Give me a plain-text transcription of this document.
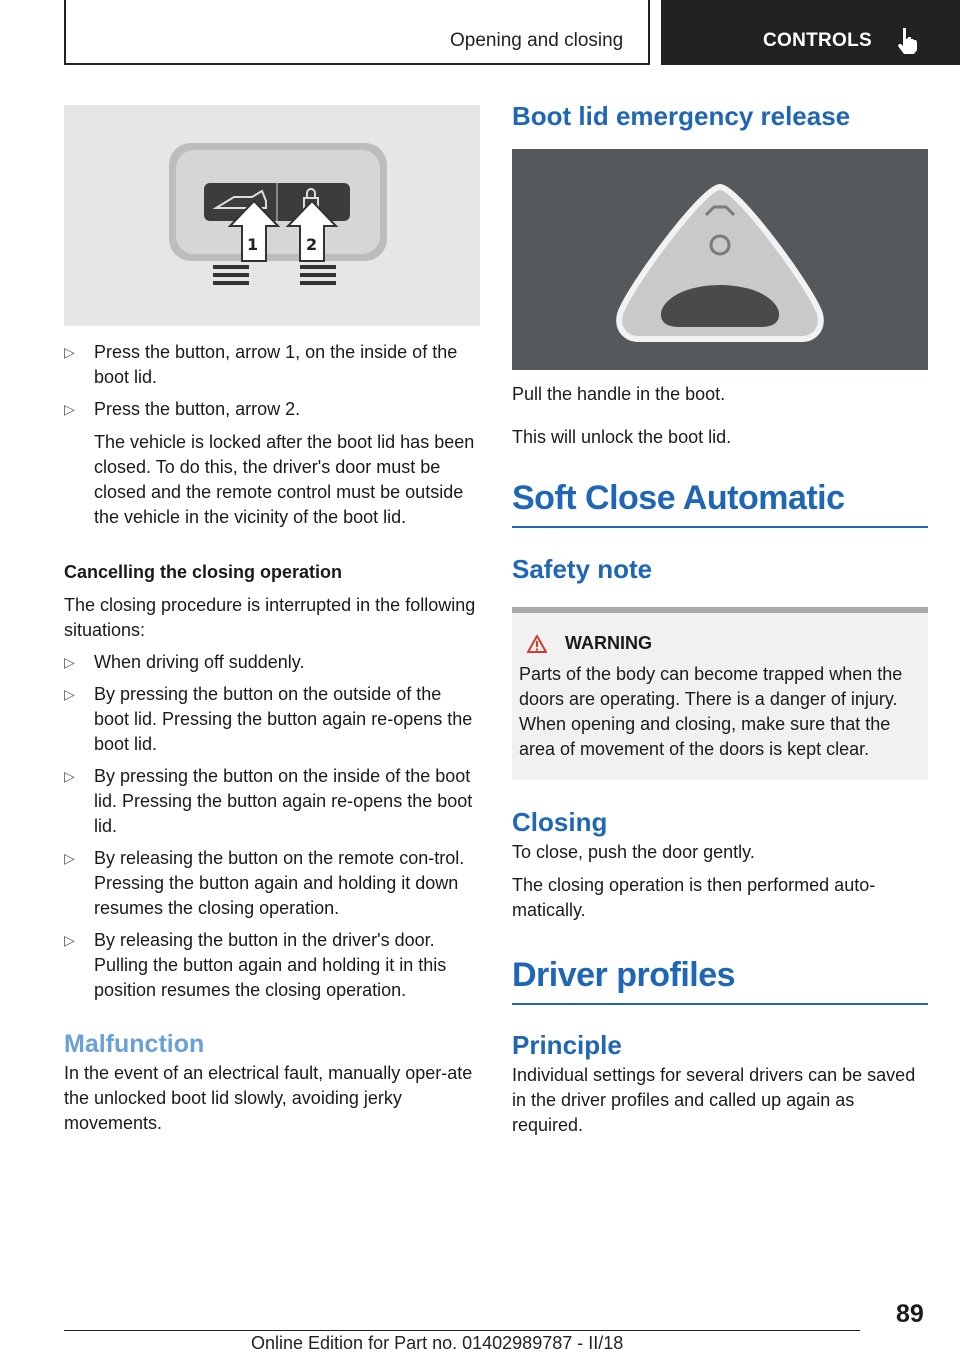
Opening and closing	CONTROLS
1	2
▷ Press the button, arrow 1, on the inside of the boot lid.
▷ Press the button, arrow 2.
The vehicle is locked after the boot lid has been closed. To do this, the driver's door must be closed and the remote control must be outside the vehicle in the vicinity of the boot lid.

Cancelling the closing operation

The closing procedure is interrupted in the following situations:

▷ When driving off suddenly.
▷ By pressing the button on the outside of the boot lid. Pressing the button again re-opens the boot lid.
▷ By pressing the button on the inside of the boot lid. Pressing the button again re-opens the boot lid.
▷ By releasing the button on the remote con-trol. Pressing the button again and holding it down resumes the closing operation.
▷ By releasing the button in the driver's door. Pulling the button again and holding it in this position resumes the closing operation.

Malfunction

In the event of an electrical fault, manually oper-ate the unlocked boot lid slowly, avoiding jerky movements.

Boot lid emergency release

Pull the handle in the boot.

This will unlock the boot lid.

Soft Close Automatic

Safety note

WARNING

Parts of the body can become trapped when the doors are operating. There is a danger of injury. When opening and closing, make sure that the area of movement of the doors is kept clear.

Closing

To close, push the door gently.

The closing operation is then performed auto-matically.

Driver profiles

Principle

Individual settings for several drivers can be saved in the driver profiles and called up again as required.

89
Online Edition for Part no. 01402989787 - II/18
